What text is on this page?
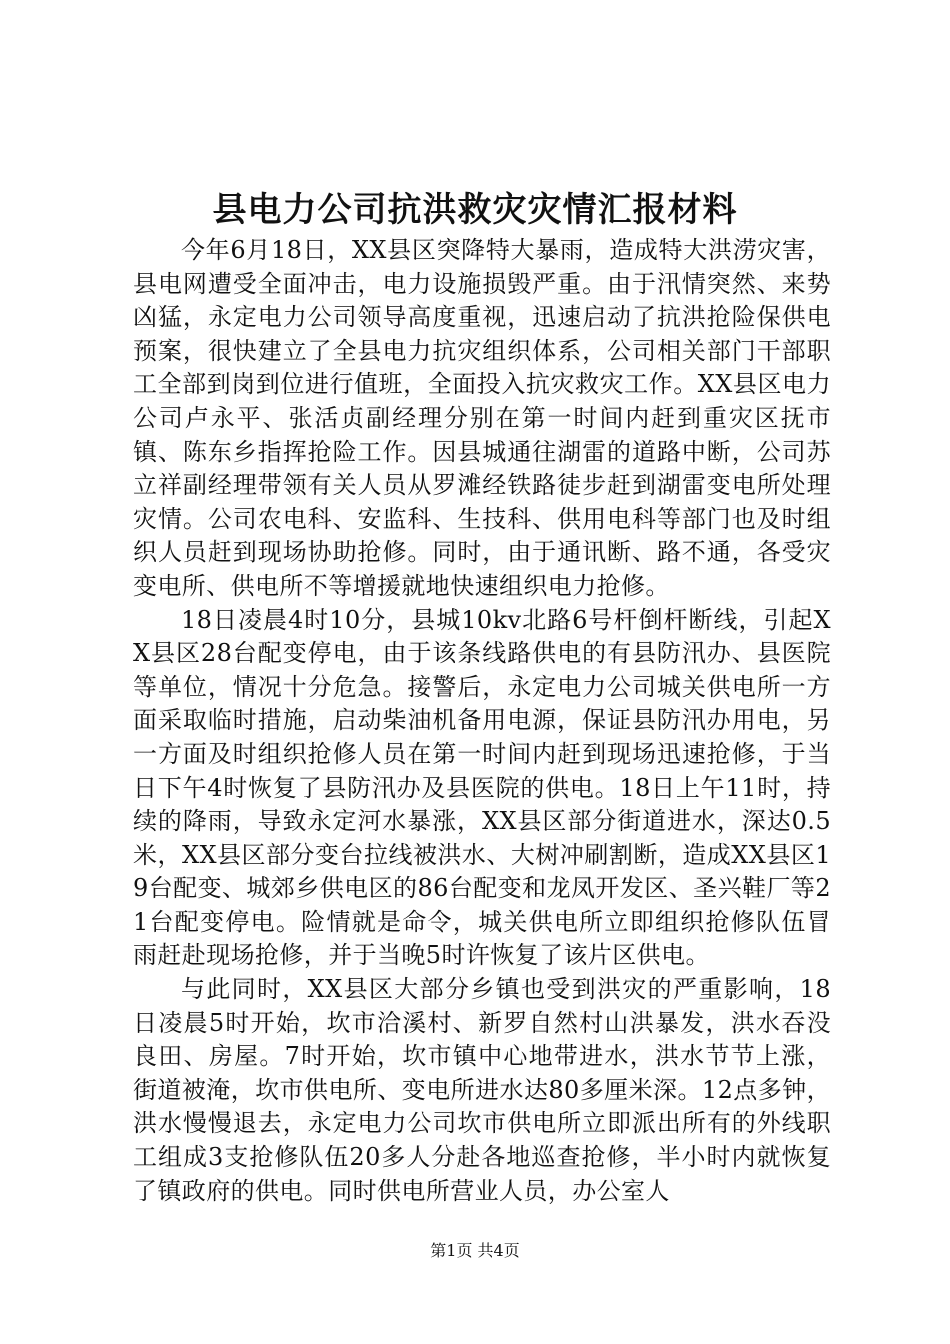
县电力公司抗洪救灾灾情汇报材料

今年6月18日，XX县区突降特大暴雨，造成特大洪涝灾害，县电网遭受全面冲击，电力设施损毁严重。由于汛情突然、来势凶猛，永定电力公司领导高度重视，迅速启动了抗洪抢险保供电预案，很快建立了全县电力抗灾组织体系，公司相关部门干部职工全部到岗到位进行值班，全面投入抗灾救灾工作。XX县区电力公司卢永平、张活贞副经理分别在第一时间内赶到重灾区抚市镇、陈东乡指挥抢险工作。因县城通往湖雷的道路中断，公司苏立祥副经理带领有关人员从罗滩经铁路徒步赶到湖雷变电所处理灾情。公司农电科、安监科、生技科、供用电科等部门也及时组织人员赶到现场协助抢修。同时，由于通讯断、路不通，各受灾变电所、供电所不等增援就地快速组织电力抢修。

18日凌晨4时10分，县城10kv北路6号杆倒杆断线，引起XX县区28台配变停电，由于该条线路供电的有县防汛办、县医院等单位，情况十分危急。接警后，永定电力公司城关供电所一方面采取临时措施，启动柴油机备用电源，保证县防汛办用电，另一方面及时组织抢修人员在第一时间内赶到现场迅速抢修，于当日下午4时恢复了县防汛办及县医院的供电。18日上午11时，持续的降雨，导致永定河水暴涨，XX县区部分街道进水，深达0.5米，XX县区部分变台拉线被洪水、大树冲刷割断，造成XX县区19台配变、城郊乡供电区的86台配变和龙凤开发区、圣兴鞋厂等21台配变停电。险情就是命令，城关供电所立即组织抢修队伍冒雨赶赴现场抢修，并于当晚5时许恢复了该片区供电。

与此同时，XX县区大部分乡镇也受到洪灾的严重影响，18日凌晨5时开始，坎市洽溪村、新罗自然村山洪暴发，洪水吞没良田、房屋。7时开始，坎市镇中心地带进水，洪水节节上涨，街道被淹，坎市供电所、变电所进水达80多厘米深。12点多钟，洪水慢慢退去，永定电力公司坎市供电所立即派出所有的外线职工组成3支抢修队伍20多人分赴各地巡查抢修，半小时内就恢复了镇政府的供电。同时供电所营业人员，办公室人

第1页 共4页
